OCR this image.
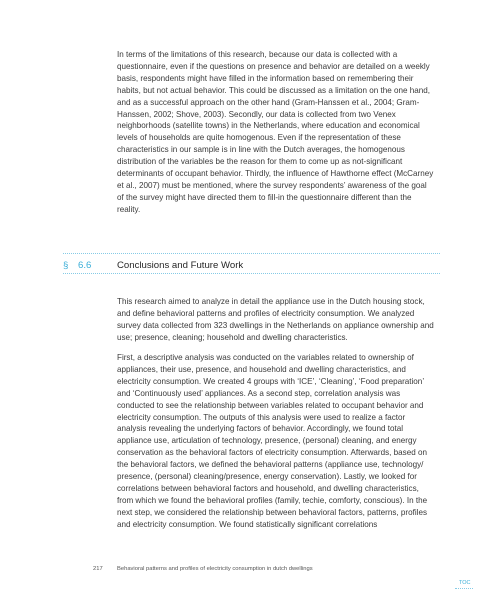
In terms of the limitations of this research, because our data is collected with a questionnaire, even if the questions on presence and behavior are detailed on a weekly basis, respondents might have filled in the information based on remembering their habits, but not actual behavior. This could be discussed as a limitation on the one hand, and as a successful approach on the other hand (Gram-Hanssen et al., 2004; Gram-Hanssen, 2002; Shove, 2003). Secondly, our data is collected from two Venex neighborhoods (satellite towns) in the Netherlands, where education and economical levels of households are quite homogenous. Even if the representation of these characteristics in our sample is in line with the Dutch averages, the homogenous distribution of the variables be the reason for them to come up as not-significant determinants of occupant behavior. Thirdly, the influence of Hawthorne effect (McCarney et al., 2007) must be mentioned, where the survey respondents’ awareness of the goal of the survey might have directed them to fill-in the questionnaire different than the reality.

§ 6.6	Conclusions and Future Work

This research aimed to analyze in detail the appliance use in the Dutch housing stock, and define behavioral patterns and profiles of electricity consumption. We analyzed survey data collected from 323 dwellings in the Netherlands on appliance ownership and use; presence, cleaning; household and dwelling characteristics.

First, a descriptive analysis was conducted on the variables related to ownership of appliances, their use, presence, and household and dwelling characteristics, and electricity consumption. We created 4 groups with ‘ICE’, ‘Cleaning’, ‘Food preparation’ and ‘Continuously used’ appliances. As a second step, correlation analysis was conducted to see the relationship between variables related to occupant behavior and electricity consumption. The outputs of this analysis were used to realize a factor analysis revealing the underlying factors of behavior. Accordingly, we found total appliance use, articulation of technology, presence, (personal) cleaning, and energy conservation as the behavioral factors of electricity consumption. Afterwards, based on the behavioral factors, we defined the behavioral patterns (appliance use, technology/ presence, (personal) cleaning/presence, energy conservation). Lastly, we looked for correlations between behavioral factors and household, and dwelling characteristics, from which we found the behavioral profiles (family, techie, comforty, conscious). In the next step, we considered the relationship between behavioral factors, patterns, profiles and electricity consumption. We found statistically significant correlations

217 Behavioral patterns and profiles of electricity consumption in dutch dwellings
TOC
